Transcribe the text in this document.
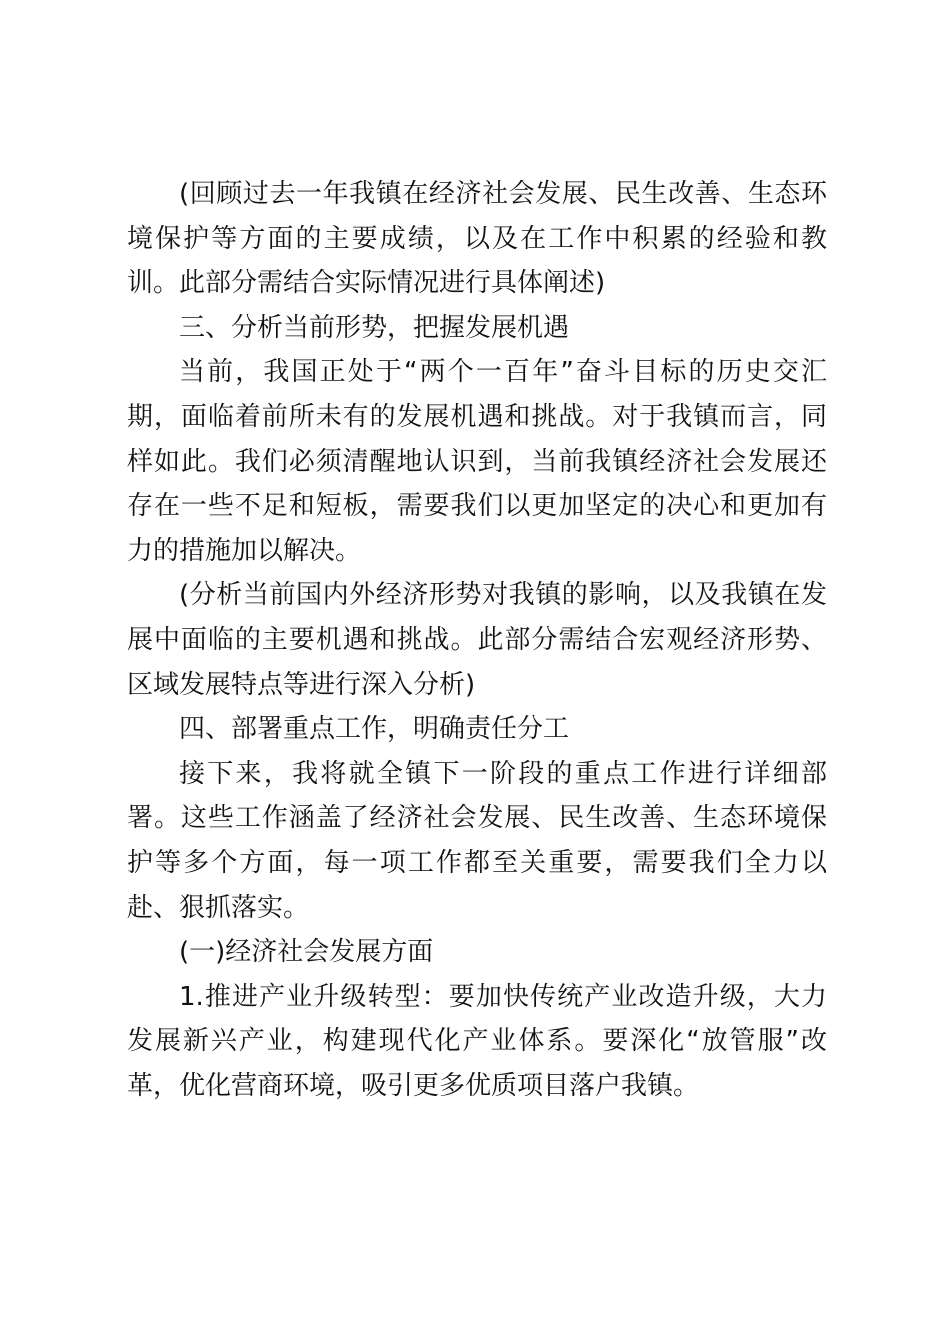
(回顾过去一年我镇在经济社会发展、民生改善、生态环境保护等方面的主要成绩，以及在工作中积累的经验和教训。此部分需结合实际情况进行具体阐述)

三、分析当前形势，把握发展机遇

当前，我国正处于“两个一百年”奋斗目标的历史交汇期，面临着前所未有的发展机遇和挑战。对于我镇而言，同样如此。我们必须清醒地认识到，当前我镇经济社会发展还存在一些不足和短板，需要我们以更加坚定的决心和更加有力的措施加以解决。

(分析当前国内外经济形势对我镇的影响，以及我镇在发展中面临的主要机遇和挑战。此部分需结合宏观经济形势、区域发展特点等进行深入分析)

四、部署重点工作，明确责任分工

接下来，我将就全镇下一阶段的重点工作进行详细部署。这些工作涵盖了经济社会发展、民生改善、生态环境保护等多个方面，每一项工作都至关重要，需要我们全力以赴、狠抓落实。

(一)经济社会发展方面

1.推进产业升级转型：要加快传统产业改造升级，大力发展新兴产业，构建现代化产业体系。要深化“放管服”改革，优化营商环境，吸引更多优质项目落户我镇。
